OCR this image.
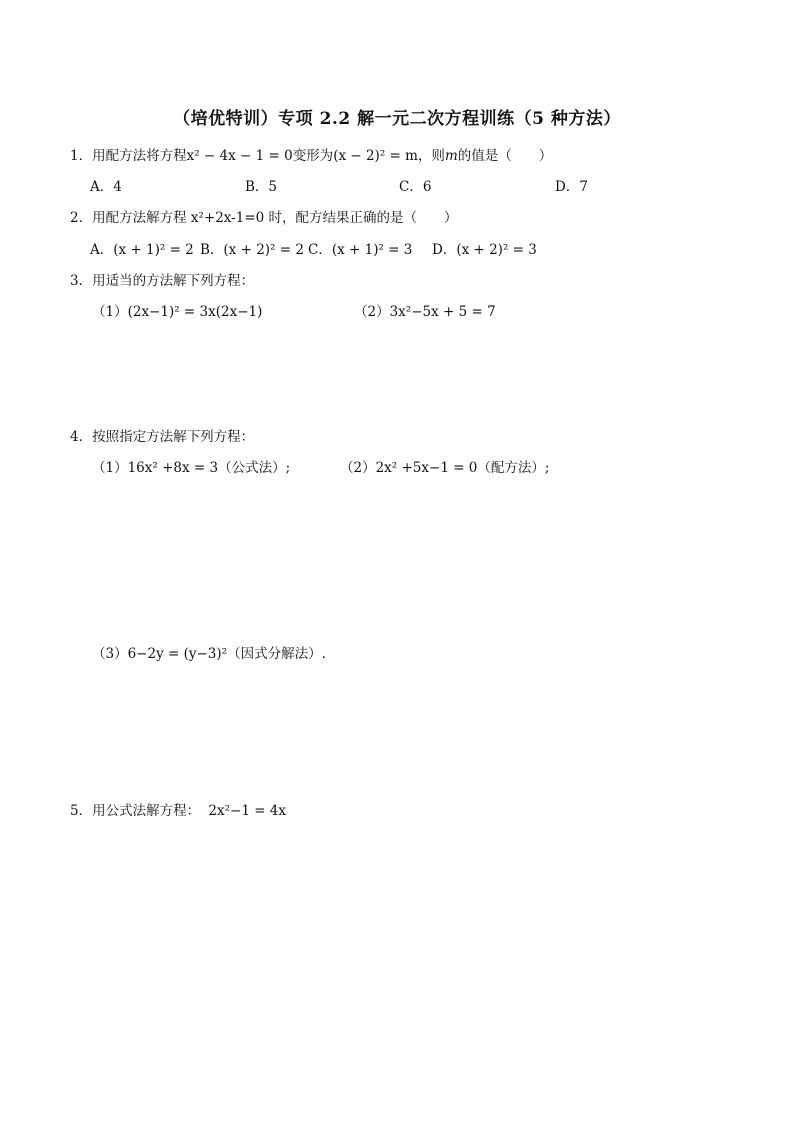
（培优特训）专项 2.2 解一元二次方程训练（5 种方法）
1．用配方法将方程x² − 4x − 1 = 0变形为(x − 2)² = m，则m的值是（　　）
A．4	B．5	C．6	D．7
2．用配方法解方程 x²+2x-1=0 时，配方结果正确的是（　　）
A．(x + 1)² = 2 B．(x + 2)² = 2 C．(x + 1)² = 3 D．(x + 2)² = 3
3．用适当的方法解下列方程：
（1）(2x−1)² = 3x(2x−1)	（2）3x²−5x + 5 = 7
4．按照指定方法解下列方程：
（1）16x² +8x = 3（公式法）;	（2）2x² +5x−1 = 0（配方法）;
（3）6−2y = (y−3)²（因式分解法）.
5．用公式法解方程： 2x²−1 = 4x
